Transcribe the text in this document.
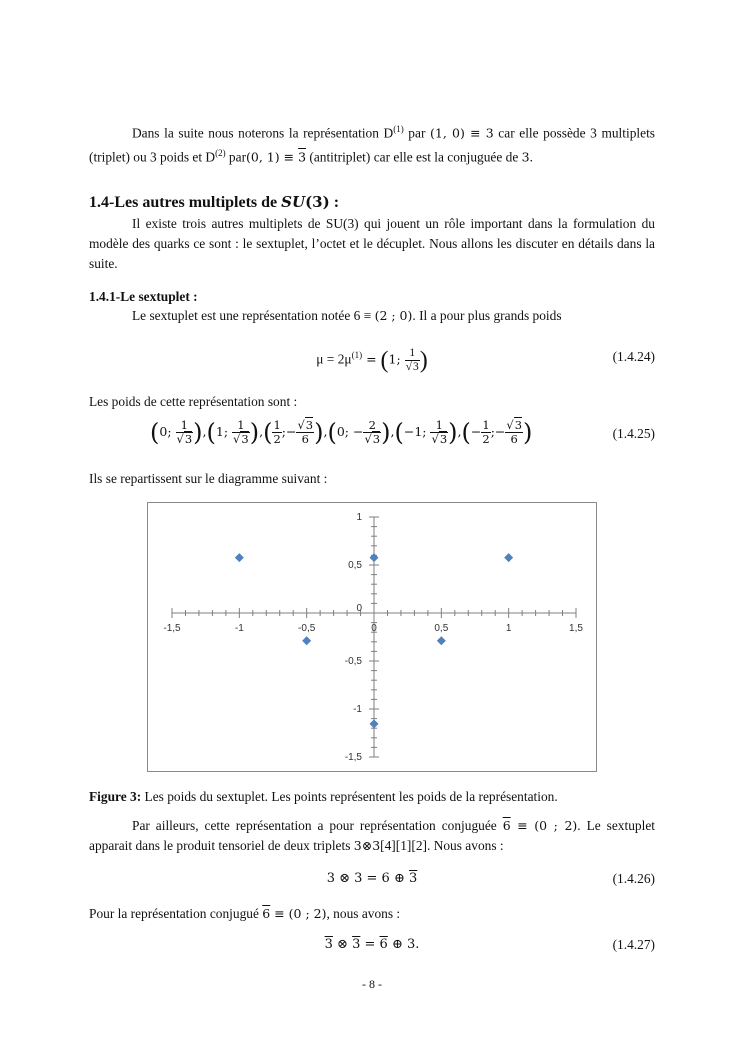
Dans la suite nous noterons la représentation $D^{(1)}$ par (1, 0) ≡ 3 car elle possède 3 multiplets (triplet) ou 3 poids et $D^{(2)}$ par(0, 1) ≡ 3 (antitriplet) car elle est la conjuguée de 3.
1.4-Les autres multiplets de SU(3) :
Il existe trois autres multiplets de SU(3) qui jouent un rôle important dans la formulation du modèle des quarks ce sont : le sextuplet, l’octet et le décuplet. Nous allons les discuter en détails dans la suite.
1.4.1-Le sextuplet :
Le sextuplet est une représentation notée 6 ≡ (2 ; 0). Il a pour plus grands poids
$\mu = 2\mu^{(1)} = (1$; $\frac{1}{√3}$ )	(1.4.24)
Les poids de cette représentation sont :
(0; $\frac{1}{√3} ),(1$; $\frac{1}{√3}$ ),( $\frac{1}{2}$ ;− $\frac{√3}{6} ),(0$; − $\frac{2}{√3} ),(-1$; $\frac{1}{√3}$ ),(− $\frac{1}{2}$ ;− $\frac{√3}{6}$ )	(1.4.25)
Ils se repartissent sur le diagramme suivant :
-1,5	-1	-0,5	0	0,5	1	1,5
1
0,5
0
-0,5
-1
-1,5
Figure 3: Les poids du sextuplet. Les points représentent les poids de la représentation.
Par ailleurs, cette représentation a pour représentation conjuguée 6 ≡ (0 ; 2). Le sextuplet apparait dans le produit tensoriel de deux triplets 3⊗3[4][1][2]. Nous avons :
3 ⊗ 3 = 6 ⊕ 3	(1.4.26)
Pour la représentation conjugué 6 ≡ (0 ; 2), nous avons :
3 ⊗ 3 = 6 ⊕ 3.	(1.4.27)
- 8 -
